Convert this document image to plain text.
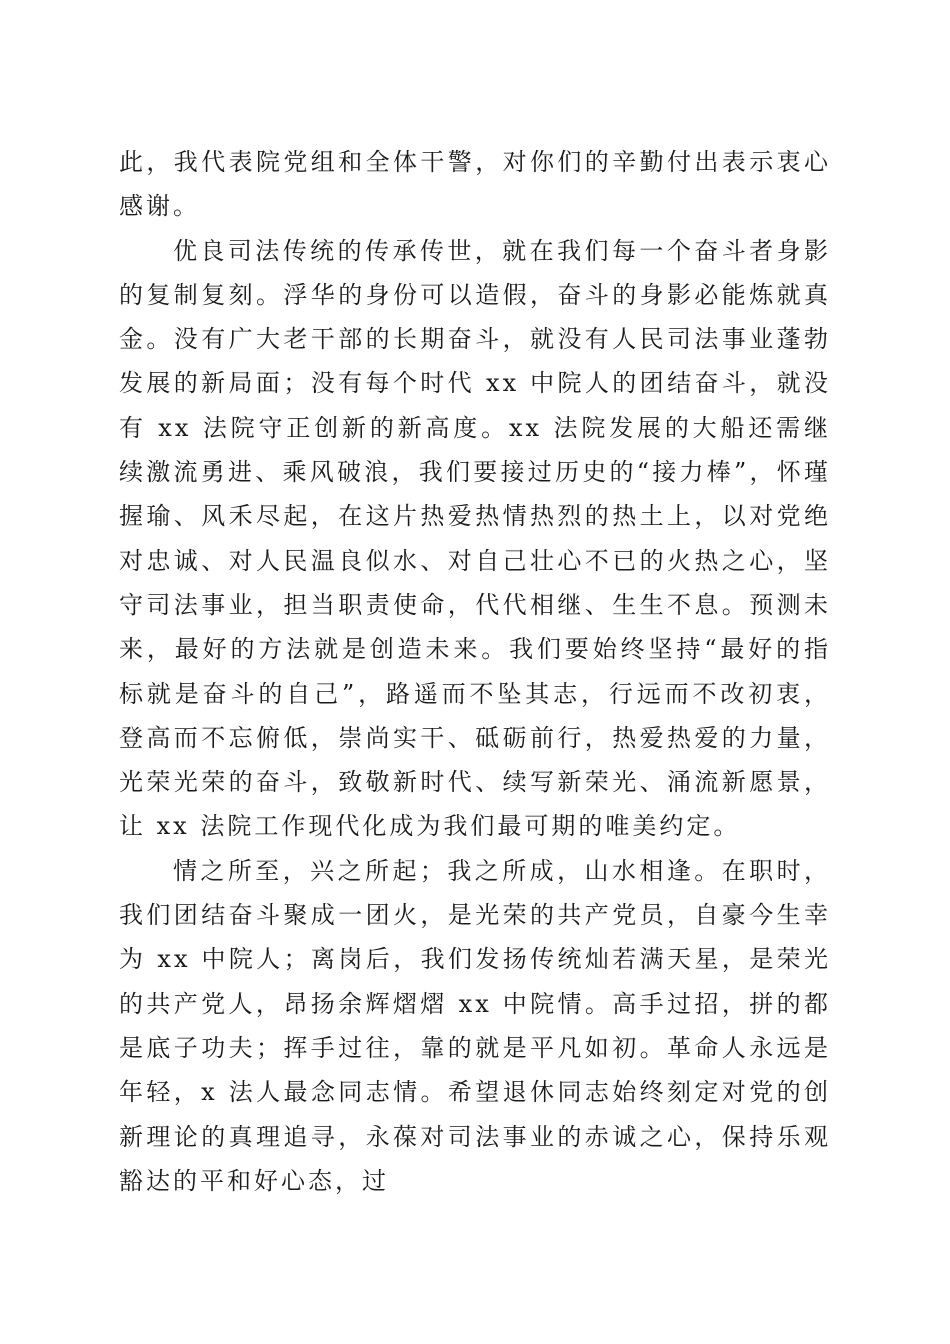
此，我代表院党组和全体干警，对你们的辛勤付出表示衷心感谢。

优良司法传统的传承传世，就在我们每一个奋斗者身影的复制复刻。浮华的身份可以造假，奋斗的身影必能炼就真金。没有广大老干部的长期奋斗，就没有人民司法事业蓬勃发展的新局面；没有每个时代 xx 中院人的团结奋斗，就没有 xx 法院守正创新的新高度。xx 法院发展的大船还需继续激流勇进、乘风破浪，我们要接过历史的“接力棒”，怀瑾握瑜、风禾尽起，在这片热爱热情热烈的热土上，以对党绝对忠诚、对人民温良似水、对自己壮心不已的火热之心，坚守司法事业，担当职责使命，代代相继、生生不息。预测未来，最好的方法就是创造未来。我们要始终坚持“最好的指标就是奋斗的自己”，路遥而不坠其志，行远而不改初衷，登高而不忘俯低，崇尚实干、砥砺前行，热爱热爱的力量，光荣光荣的奋斗，致敬新时代、续写新荣光、涌流新愿景，让 xx 法院工作现代化成为我们最可期的唯美约定。

情之所至，兴之所起；我之所成，山水相逢。在职时，我们团结奋斗聚成一团火，是光荣的共产党员，自豪今生幸为 xx 中院人；离岗后，我们发扬传统灿若满天星，是荣光的共产党人，昂扬余辉熠熠 xx 中院情。高手过招，拼的都是底子功夫；挥手过往，靠的就是平凡如初。革命人永远是年轻，x 法人最念同志情。希望退休同志始终刻定对党的创新理论的真理追寻，永葆对司法事业的赤诚之心，保持乐观豁达的平和好心态，过
